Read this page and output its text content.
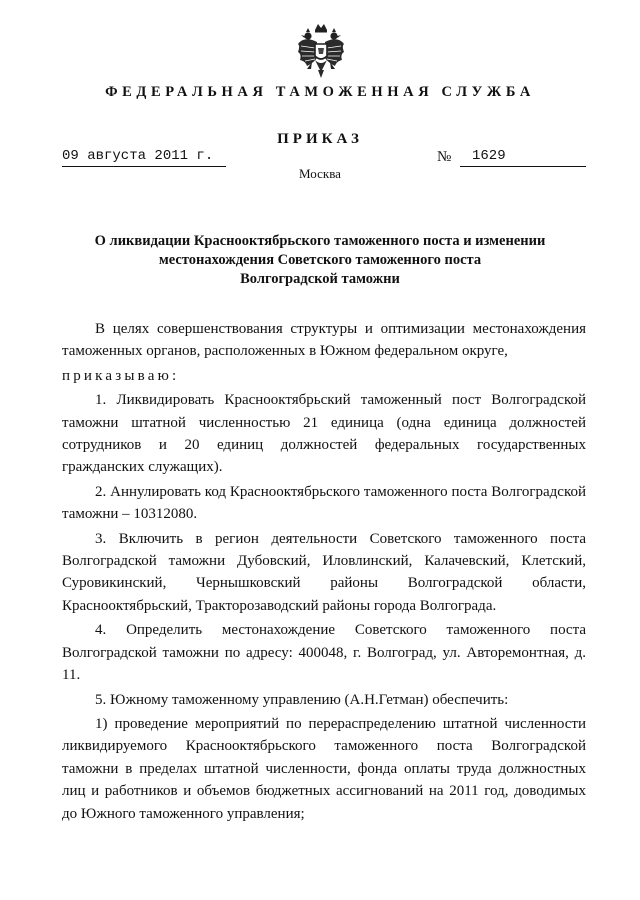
ФЕДЕРАЛЬНАЯ ТАМОЖЕННАЯ СЛУЖБА
ПРИКАЗ
09 августа 2011 г.	№	1629
Москва
О ликвидации Краснооктябрьского таможенного поста и изменении
местонахождения Советского таможенного поста
Волгоградской таможни

В целях совершенствования структуры и оптимизации местонахождения таможенных органов, расположенных в Южном федеральном округе,

приказываю:

1. Ликвидировать Краснооктябрьский таможенный пост Волгоградской таможни штатной численностью 21 единица (одна единица должностей сотрудников и 20 единиц должностей федеральных государственных гражданских служащих).

2. Аннулировать код Краснооктябрьского таможенного поста Волгоградской таможни – 10312080.

3. Включить в регион деятельности Советского таможенного поста Волгоградской таможни Дубовский, Иловлинский, Калачевский, Клетский, Суровикинский, Чернышковский районы Волгоградской области, Краснооктябрьский, Тракторозаводский районы города Волгограда.

4. Определить местонахождение Советского таможенного поста Волгоградской таможни по адресу: 400048, г. Волгоград, ул. Авторемонтная, д. 11.

5. Южному таможенному управлению (А.Н.Гетман) обеспечить:

1) проведение мероприятий по перераспределению штатной численности ликвидируемого Краснооктябрьского таможенного поста Волгоградской таможни в пределах штатной численности, фонда оплаты труда должностных лиц и работников и объемов бюджетных ассигнований на 2011 год, доводимых до Южного таможенного управления;
